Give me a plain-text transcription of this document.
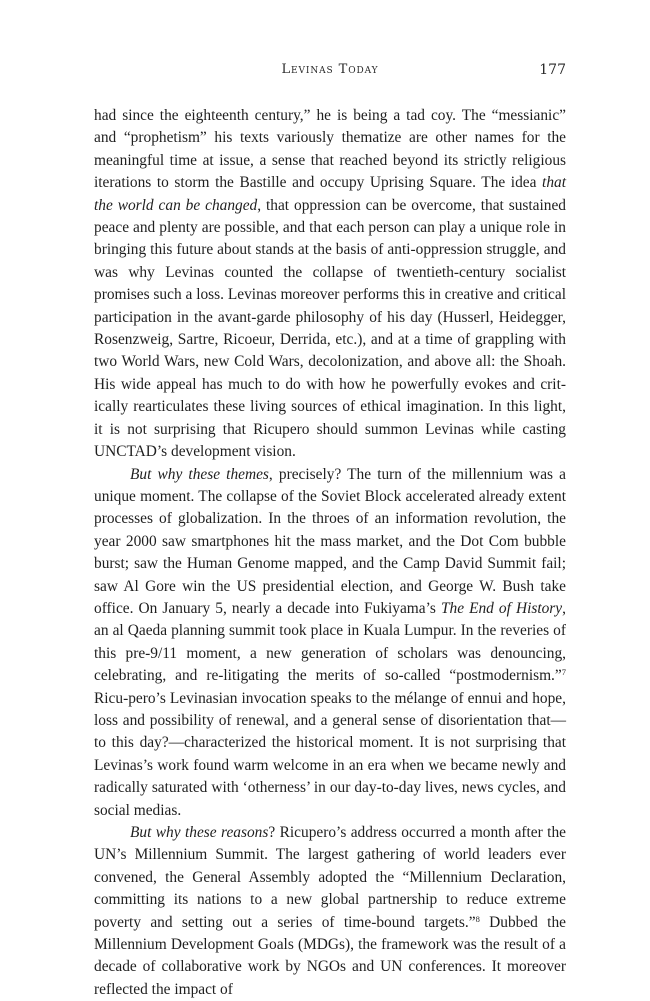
Levinas Today	177

had since the eighteenth century,” he is being a tad coy. The “messianic” and “prophetism” his texts variously thematize are other names for the meaningful time at issue, a sense that reached beyond its strictly religious iterations to storm the Bastille and occupy Uprising Square. The idea that the world can be changed, that oppression can be overcome, that sustained peace and plenty are possible, and that each person can play a unique role in bringing this future about stands at the basis of anti-oppression struggle, and was why Levinas counted the collapse of twentieth-century socialist promises such a loss. Levinas moreover performs this in creative and critical participation in the avant-garde philosophy of his day (Husserl, Heidegger, Rosenzweig, Sartre, Ricoeur, Derrida, etc.), and at a time of grappling with two World Wars, new Cold Wars, decolonization, and above all: the Shoah. His wide appeal has much to do with how he powerfully evokes and crit-ically rearticulates these living sources of ethical imagination. In this light, it is not surprising that Ricupero should summon Levinas while casting UNCTAD’s development vision.

But why these themes, precisely? The turn of the millennium was a unique moment. The collapse of the Soviet Block accelerated already extent processes of globalization. In the throes of an information revolution, the year 2000 saw smartphones hit the mass market, and the Dot Com bubble burst; saw the Human Genome mapped, and the Camp David Summit fail; saw Al Gore win the US presidential election, and George W. Bush take office. On January 5, nearly a decade into Fukiyama’s The End of History, an al Qaeda planning summit took place in Kuala Lumpur. In the reveries of this pre-9/11 moment, a new generation of scholars was denouncing, celebrating, and re-litigating the merits of so-called “postmodernism.”$^7$ Ricu-pero’s Levinasian invocation speaks to the mélange of ennui and hope, loss and possibility of renewal, and a general sense of disorientation that—to this day?—characterized the historical moment. It is not surprising that Levinas’s work found warm welcome in an era when we became newly and radically saturated with ‘otherness’ in our day-to-day lives, news cycles, and social medias.

But why these reasons? Ricupero’s address occurred a month after the UN’s Millennium Summit. The largest gathering of world leaders ever convened, the General Assembly adopted the “Millennium Declaration, committing its nations to a new global partnership to reduce extreme poverty and setting out a series of time-bound targets.”$^8$ Dubbed the Millennium Development Goals (MDGs), the framework was the result of a decade of collaborative work by NGOs and UN conferences. It moreover reflected the impact of
